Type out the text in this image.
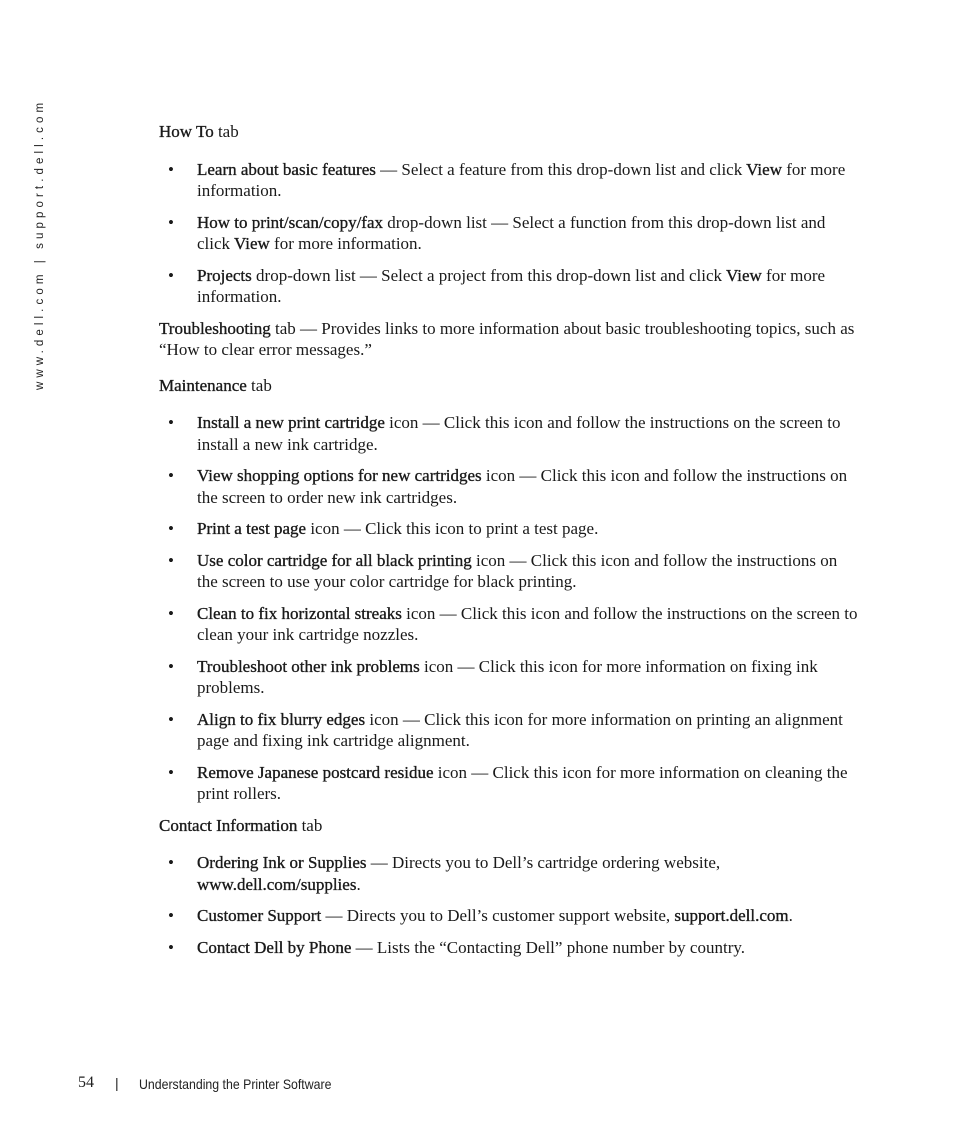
www.dell.com | support.dell.com	How To tab

• Learn about basic features — Select a feature from this drop-down list and click View for more information.
• How to print/scan/copy/fax drop-down list — Select a function from this drop-down list and click View for more information.
• Projects drop-down list — Select a project from this drop-down list and click View for more information.

Troubleshooting tab — Provides links to more information about basic troubleshooting topics, such as “How to clear error messages.”

Maintenance tab

• Install a new print cartridge icon — Click this icon and follow the instructions on the screen to install a new ink cartridge.
• View shopping options for new cartridges icon — Click this icon and follow the instructions on the screen to order new ink cartridges.
• Print a test page icon — Click this icon to print a test page.
• Use color cartridge for all black printing icon — Click this icon and follow the instructions on the screen to use your color cartridge for black printing.
• Clean to fix horizontal streaks icon — Click this icon and follow the instructions on the screen to clean your ink cartridge nozzles.
• Troubleshoot other ink problems icon — Click this icon for more information on fixing ink problems.
• Align to fix blurry edges icon — Click this icon for more information on printing an alignment page and fixing ink cartridge alignment.
• Remove Japanese postcard residue icon — Click this icon for more information on cleaning the print rollers.

Contact Information tab

• Ordering Ink or Supplies — Directs you to Dell’s cartridge ordering website, www.dell.com/supplies.
• Customer Support — Directs you to Dell’s customer support website, support.dell.com.
• Contact Dell by Phone — Lists the “Contacting Dell” phone number by country.
54 | Understanding the Printer Software
